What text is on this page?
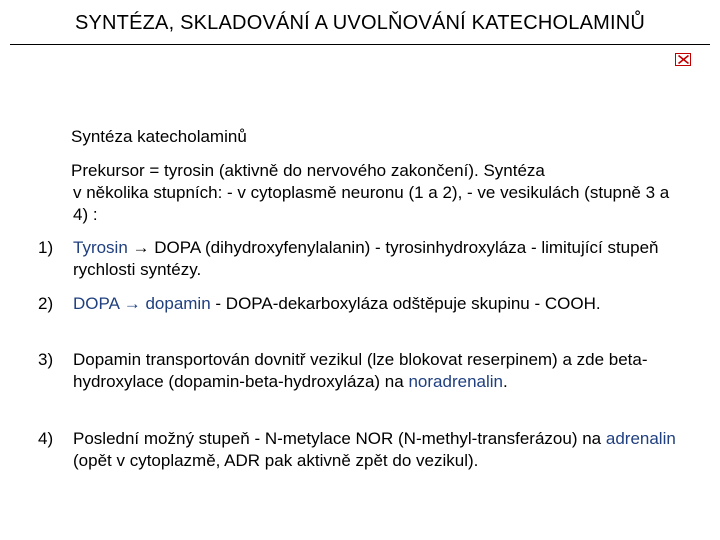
SYNTÉZA, SKLADOVÁNÍ A UVOLŇOVÁNÍ KATECHOLAMINŮ
Syntéza katecholaminů
Prekursor = tyrosin (aktivně do nervového zakončení). Syntéza
v několika stupních: - v cytoplasmě neuronu (1 a 2), - ve vesikulách (stupně 3 a 4) :
1) Tyrosin → DOPA (dihydroxyfenylalanin) - tyrosinhydroxyláza - limitující stupeň rychlosti syntézy.
2) DOPA → dopamin - DOPA-dekarboxyláza odštěpuje skupinu - COOH.
3) Dopamin transportován dovnitř vezikul (lze blokovat reserpinem) a zde beta-hydroxylace (dopamin-beta-hydroxyláza) na noradrenalin.
4) Poslední možný stupeň - N-metylace NOR (N-methyl-transferázou) na adrenalin (opět v cytoplazmě, ADR pak aktivně zpět do vezikul).
